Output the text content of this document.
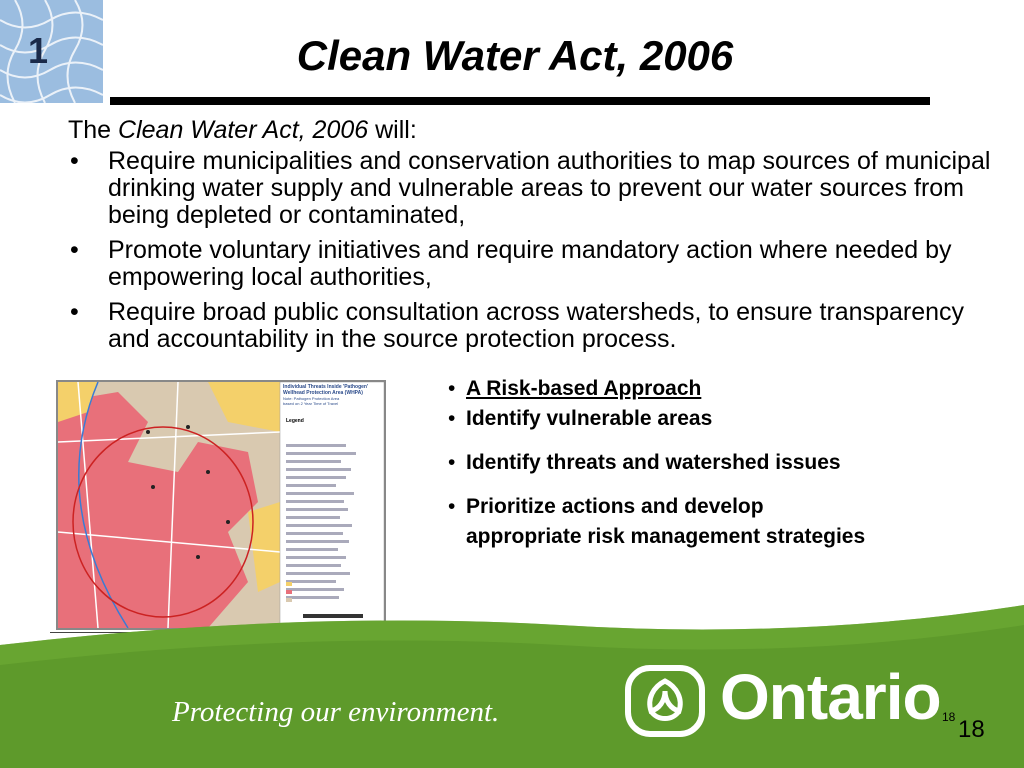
1	Clean Water Act, 2006
The Clean Water Act, 2006 will:
• Require municipalities and conservation authorities to map sources of municipal drinking water supply and vulnerable areas to prevent our water sources from being depleted or contaminated,
• Promote voluntary initiatives and require mandatory action where needed by empowering local authorities,
• Require broad public consultation across watersheds, to ensure transparency and accountability in the source protection process.
Individual Threats Inside 'Pathogen'
Wellhead Protection Area (WHPA)
Note: Pathogen Protection Area
based on 2 Year Time of Travel
Legend
• A Risk-based Approach
• Identify vulnerable areas
• Identify threats and watershed issues
• Prioritize actions and develop
appropriate risk management strategies
Protecting our environment.	Ontario 18 18
